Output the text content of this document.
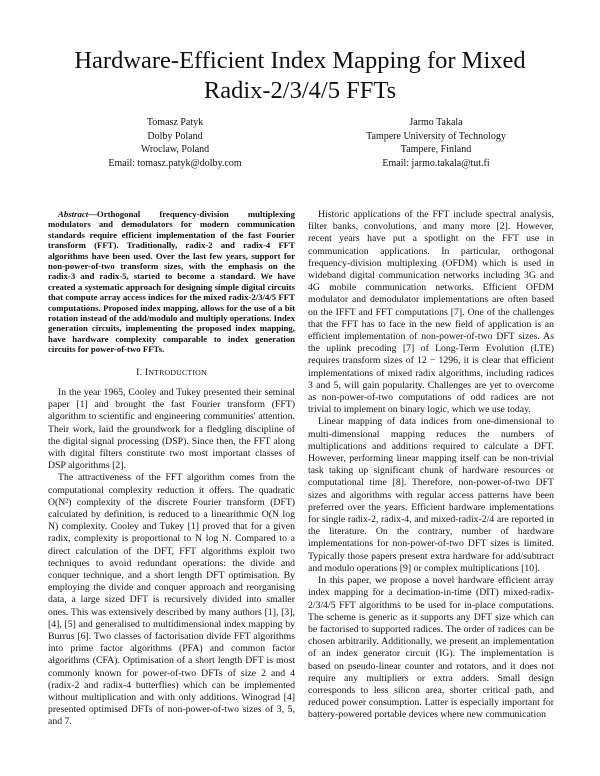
Hardware-Efficient Index Mapping for Mixed
Radix-2/3/4/5 FFTs
Tomasz Patyk
Dolby Poland
Wroclaw, Poland
Email: tomasz.patyk@dolby.com
Jarmo Takala
Tampere University of Technology
Tampere, Finland
Email: jarmo.takala@tut.fi

Abstract—Orthogonal frequency-division multiplexing modulators and demodulators for modern communication standards require efficient implementation of the fast Fourier transform (FFT). Traditionally, radix-2 and radix-4 FFT algorithms have been used. Over the last few years, support for non-power-of-two transform sizes, with the emphasis on the radix-3 and radix-5, started to become a standard. We have created a systematic approach for designing simple digital circuits that compute array access indices for the mixed radix-2/3/4/5 FFT computations. Proposed index mapping, allows for the use of a bit rotation instead of the add/modulo and multiply operations. Index generation circuits, implementing the proposed index mapping, have hardware complexity comparable to index generation circuits for power-of-two FFTs.

I. INTRODUCTION

In the year 1965, Cooley and Tukey presented their seminal paper [1] and brought the fast Fourier transform (FFT) algorithm to scientific and engineering communities' attention. Their work, laid the groundwork for a fledgling discipline of the digital signal processing (DSP). Since then, the FFT along with digital filters constitute two most important classes of DSP algorithms [2].

The attractiveness of the FFT algorithm comes from the computational complexity reduction it offers. The quadratic O(N²) complexity of the discrete Fourier transform (DFT) calculated by definition, is reduced to a linearithmic O(N log N) complexity. Cooley and Tukey [1] proved that for a given radix, complexity is proportional to N log N. Compared to a direct calculation of the DFT, FFT algorithms exploit two techniques to avoid redundant operations: the divide and conquer technique, and a short length DFT optimisation. By employing the divide and conquer approach and reorganising data, a large sized DFT is recursively divided into smaller ones. This was extensively described by many authors [1], [3], [4], [5] and generalised to multidimensional index mapping by Burrus [6]. Two classes of factorisation divide FFT algorithms into prime factor algorithms (PFA) and common factor algorithms (CFA). Optimisation of a short length DFT is most commonly known for power-of-two DFTs of size 2 and 4 (radix-2 and radix-4 butterflies) which can be implemented without multiplication and with only additions. Winograd [4] presented optimised DFTs of non-power-of-two sizes of 3, 5, and 7.

Historic applications of the FFT include spectral analysis, filter banks, convolutions, and many more [2]. However, recent years have put a spotlight on the FFT use in communication applications. In particular, orthogonal frequency-division multiplexing (OFDM) which is used in wideband digital communication networks including 3G and 4G mobile communication networks. Efficient OFDM modulator and demodulator implementations are often based on the IFFT and FFT computations [7]. One of the challenges that the FFT has to face in the new field of application is an efficient implementation of non-power-of-two DFT sizes. As the uplink precoding [7] of Long-Term Evolution (LTE) requires transform sizes of 12 − 1296, it is clear that efficient implementations of mixed radix algorithms, including radices 3 and 5, will gain popularity. Challenges are yet to overcome as non-power-of-two computations of odd radices are not trivial to implement on binary logic, which we use today.

Linear mapping of data indices from one-dimensional to multi-dimensional mapping reduces the numbers of multiplications and additions required to calculate a DFT. However, performing linear mapping itself can be non-trivial task taking up significant chunk of hardware resources or computational time [8]. Therefore, non-power-of-two DFT sizes and algorithms with regular access patterns have been preferred over the years. Efficient hardware implementations for single radix-2, radix-4, and mixed-radix-2/4 are reported in the literature. On the contrary, number of hardware implementations for non-power-of-two DFT sizes is limited. Typically those papers present extra hardware for add/subtract and modulo operations [9] or complex multiplications [10].

In this paper, we propose a novel hardware efficient array index mapping for a decimation-in-time (DIT) mixed-radix-2/3/4/5 FFT algorithms to be used for in-place computations. The scheme is generic as it supports any DFT size which can be factorised to supported radices. The order of radices can be chosen arbitrarily. Additionally, we present an implementation of an index generator circuit (IG). The implementation is based on pseudo-linear counter and rotators, and it does not require any multipliers or extra adders. Small design corresponds to less silicon area, shorter critical path, and reduced power consumption. Latter is especially important for battery-powered portable devices where new communication
